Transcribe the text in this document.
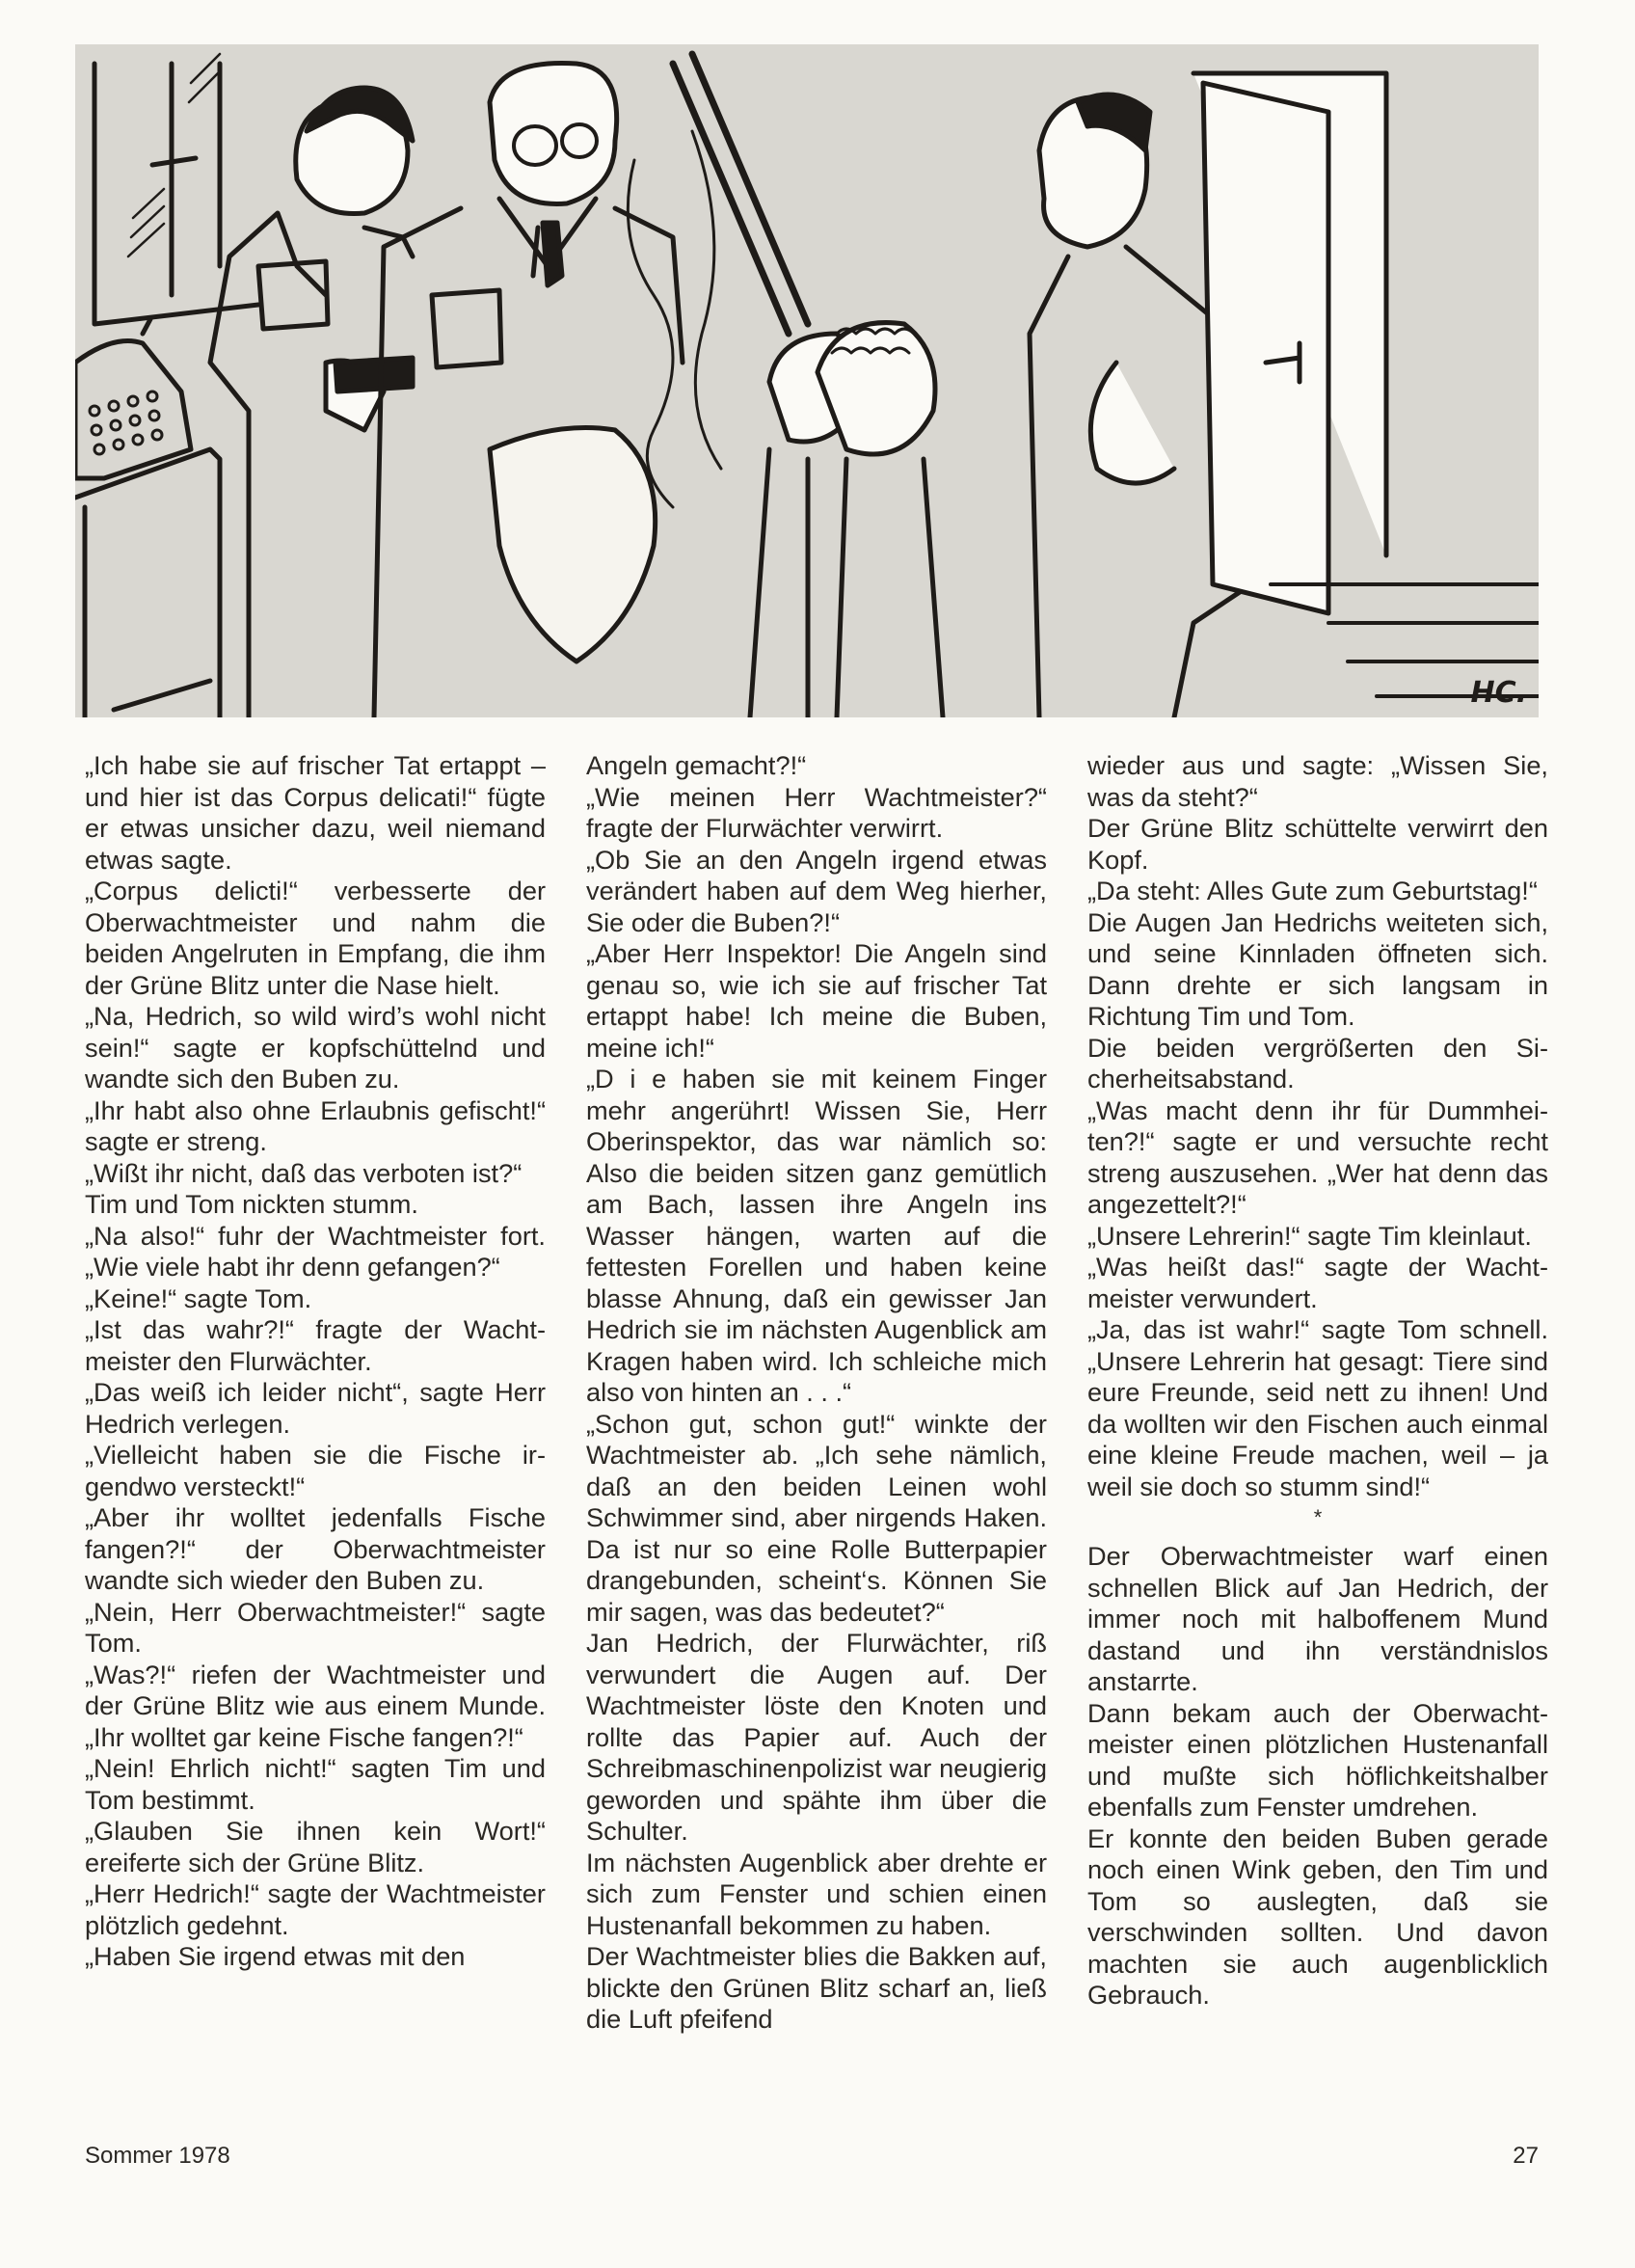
HC.

„Ich habe sie auf frischer Tat ertappt – und hier ist das Corpus delicati!“ fügte er etwas unsicher dazu, weil niemand etwas sagte.

„Corpus delicti!“ verbesserte der Oberwachtmeister und nahm die beiden Angelruten in Empfang, die ihm der Grüne Blitz unter die Nase hielt.

„Na, Hedrich, so wild wird’s wohl nicht sein!“ sagte er kopfschüttelnd und wandte sich den Buben zu.

„Ihr habt also ohne Erlaubnis gefischt!“ sagte er streng.

„Wißt ihr nicht, daß das verboten ist?“

Tim und Tom nickten stumm.

„Na also!“ fuhr der Wachtmeister fort. „Wie viele habt ihr denn gefangen?“

„Keine!“ sagte Tom.

„Ist das wahr?!“ fragte der Wachtmeister den Flurwächter.

„Das weiß ich leider nicht“, sagte Herr Hedrich verlegen.

„Vielleicht haben sie die Fische irgendwo versteckt!“

„Aber ihr wolltet jedenfalls Fische fangen?!“ der Oberwachtmeister wandte sich wieder den Buben zu.

„Nein, Herr Oberwachtmeister!“ sagte Tom.

„Was?!“ riefen der Wachtmeister und der Grüne Blitz wie aus einem Munde. „Ihr wolltet gar keine Fische fangen?!“

„Nein! Ehrlich nicht!“ sagten Tim und Tom bestimmt.

„Glauben Sie ihnen kein Wort!“ ereiferte sich der Grüne Blitz.

„Herr Hedrich!“ sagte der Wachtmeister plötzlich gedehnt.

„Haben Sie irgend etwas mit den

Angeln gemacht?!“

„Wie meinen Herr Wachtmeister?“ fragte der Flurwächter verwirrt.

„Ob Sie an den Angeln irgend etwas verändert haben auf dem Weg hierher, Sie oder die Buben?!“

„Aber Herr Inspektor! Die Angeln sind genau so, wie ich sie auf frischer Tat ertappt habe! Ich meine die Buben, meine ich!“

„D i e haben sie mit keinem Finger mehr angerührt! Wissen Sie, Herr Oberinspektor, das war nämlich so: Also die beiden sitzen ganz gemütlich am Bach, lassen ihre Angeln ins Wasser hängen, warten auf die fettesten Forellen und haben keine blasse Ahnung, daß ein gewisser Jan Hedrich sie im nächsten Augenblick am Kragen haben wird. Ich schleiche mich also von hinten an . . .“

„Schon gut, schon gut!“ winkte der Wachtmeister ab. „Ich sehe nämlich, daß an den beiden Leinen wohl Schwimmer sind, aber nirgends Haken. Da ist nur so eine Rolle Butterpapier drangebunden, scheint‘s. Können Sie mir sagen, was das bedeutet?“

Jan Hedrich, der Flurwächter, riß verwundert die Augen auf. Der Wachtmeister löste den Knoten und rollte das Papier auf. Auch der Schreibmaschinenpolizist war neugierig geworden und spähte ihm über die Schulter.

Im nächsten Augenblick aber drehte er sich zum Fenster und schien einen Hustenanfall bekommen zu haben.

Der Wachtmeister blies die Bakken auf, blickte den Grünen Blitz scharf an, ließ die Luft pfeifend

wieder aus und sagte: „Wissen Sie, was da steht?“

Der Grüne Blitz schüttelte verwirrt den Kopf.

„Da steht: Alles Gute zum Geburtstag!“

Die Augen Jan Hedrichs weiteten sich, und seine Kinnladen öffneten sich. Dann drehte er sich langsam in Richtung Tim und Tom.

Die beiden vergrößerten den Sicherheitsabstand.

„Was macht denn ihr für Dummheiten?!“ sagte er und versuchte recht streng auszusehen. „Wer hat denn das angezettelt?!“

„Unsere Lehrerin!“ sagte Tim kleinlaut.

„Was heißt das!“ sagte der Wachtmeister verwundert.

„Ja, das ist wahr!“ sagte Tom schnell. „Unsere Lehrerin hat gesagt: Tiere sind eure Freunde, seid nett zu ihnen! Und da wollten wir den Fischen auch einmal eine kleine Freude machen, weil – ja weil sie doch so stumm sind!“

*

Der Oberwachtmeister warf einen schnellen Blick auf Jan Hedrich, der immer noch mit halboffenem Mund dastand und ihn verständnislos anstarrte.

Dann bekam auch der Oberwachtmeister einen plötzlichen Hustenanfall und mußte sich höflichkeitshalber ebenfalls zum Fenster umdrehen.

Er konnte den beiden Buben gerade noch einen Wink geben, den Tim und Tom so auslegten, daß sie verschwinden sollten. Und davon machten sie auch augenblicklich Gebrauch.

Sommer 1978	27
